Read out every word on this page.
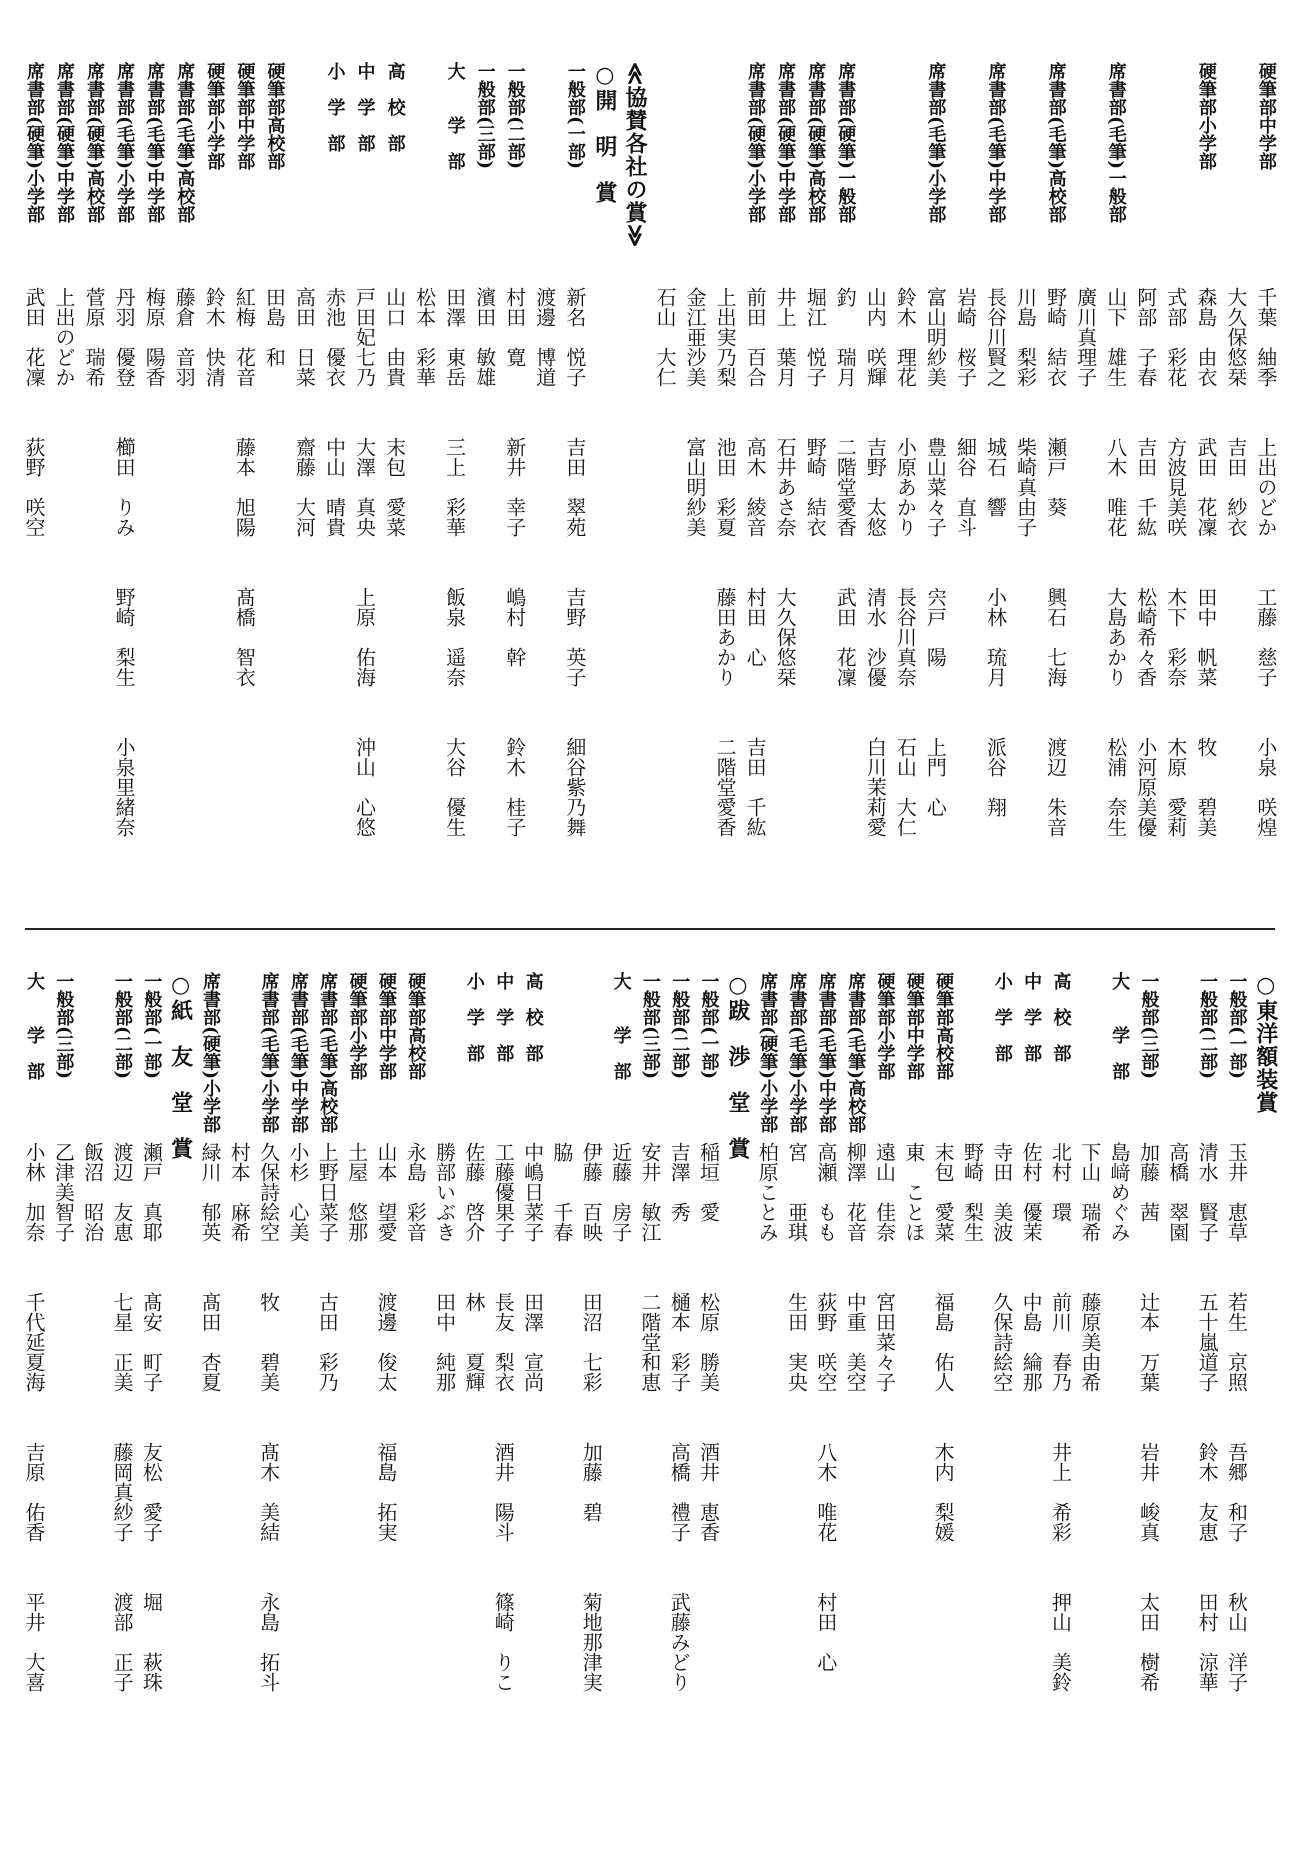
硬筆部中学部
千葉　紬季
上出のどか
工藤　慈子
小泉　咲煌
大久保悠栞
吉田　紗衣
硬筆部小学部
森島　由衣
武田　花凜
田中　帆菜
牧　　碧美
式部　彩花
方波見美咲
木下　彩奈
木原　愛莉
阿部　子春
吉田　千紘
松崎希々香
小河原美優
席書部(毛筆)一般部
山下　雄生
八木　唯花
大島あかり
松浦　奈生
廣川真理子
席書部(毛筆)高校部
野崎　結衣
瀬戸　葵
興石　七海
渡辺　朱音
川島　梨彩
柴崎真由子
席書部(毛筆)中学部
長谷川賢之
城石　響
小林　琉月
派谷　翔
岩崎　桜子
細谷　直斗
席書部(毛筆)小学部
富山明紗美
豊山菜々子
宍戸　陽
上門　心
鈴木　理花
小原あかり
長谷川真奈
石山　大仁
山内　咲輝
吉野　太悠
清水　沙優
白川茉莉愛
席書部(硬筆)一般部
釣　　瑞月
二階堂愛香
武田　花凜
席書部(硬筆)高校部
堀江　悦子
野崎　結衣
席書部(硬筆)中学部
井上　葉月
石井あさ奈
大久保悠栞
席書部(硬筆)小学部
前田　百合
高木　綾音
村田　心
吉田　千紘
上出実乃梨
池田　彩夏
藤田あかり
二階堂愛香
金江亜沙美
富山明紗美
石山　大仁
≪協賛各社の賞≫
○開　明　賞
一般部(一部)
新名　悦子
吉田　翠苑
吉野　英子
細谷紫乃舞
渡邊　博道
一般部(二部)
村田　寛
新井　幸子
嶋村　幹
鈴木　桂子
一般部(三部)
濱田　敏雄
大　　学　部
田澤　東岳
三上　彩華
飯泉　遥奈
大谷　優生
松本　彩華
高　校　部
山口　由貴
末包　愛菜
中　学　部
戸田妃七乃
大澤　真央
上原　佑海
沖山　心悠
小　学　部
赤池　優衣
中山　晴貴
高田　日菜
齋藤　大河
硬筆部高校部
田島　和
硬筆部中学部
紅梅　花音
藤本　旭陽
髙橋　智衣
硬筆部小学部
鈴木　快清
席書部(毛筆)高校部
藤倉　音羽
席書部(毛筆)中学部
梅原　陽香
席書部(毛筆)小学部
丹羽　優登
櫛田　りみ
野崎　梨生
小泉里緒奈
席書部(硬筆)高校部
菅原　瑞希
席書部(硬筆)中学部
上出のどか
席書部(硬筆)小学部
武田　花凜
荻野　咲空
○東洋額装賞
一般部(一部)
玉井　恵草
若生　京照
吾郷　和子
秋山　洋子
一般部(二部)
清水　賢子
五十嵐道子
鈴木　友恵
田村　涼華
高橋　翠園
一般部(三部)
加藤　茜
辻本　万葉
岩井　峻真
太田　樹希
大　　学　部
島﨑めぐみ
下山　瑞希
藤原美由希
高　校　部
北村　環
前川　春乃
井上　希彩
押山　美鈴
中　学　部
佐村　優茉
中島　綸那
小　学　部
寺田　美波
久保詩絵空
野崎　梨生
硬筆部高校部
末包　愛菜
福島　佑人
木内　梨媛
硬筆部中学部
東　ことほ
硬筆部小学部
遠山　佳奈
宮田菜々子
席書部(毛筆)高校部
柳澤　花音
中重　美空
席書部(毛筆)中学部
高瀬　もも
荻野　咲空
八木　唯花
村田　心
席書部(毛筆)小学部
宮　　亜琪
生田　実央
席書部(硬筆)小学部
柏原ことみ
○跋　渉　堂　賞
一般部(一部)
稲垣　愛
松原　勝美
酒井　恵香
一般部(二部)
吉澤　秀
樋本　彩子
高橋　禮子
武藤みどり
一般部(三部)
安井　敏江
二階堂和恵
大　　学　部
近藤　房子
伊藤　百映
田沼　七彩
加藤　碧
菊地那津実
脇　　千春
高　校　部
中嶋日菜子
田澤　宣尚
中　学　部
工藤優果子
長友　梨衣
酒井　陽斗
篠崎　りこ
小　学　部
佐藤　啓介
林　　夏輝
勝部いぶき
田中　純那
硬筆部高校部
永島　彩音
硬筆部中学部
山本　望愛
渡邊　俊太
福島　拓実
硬筆部小学部
土屋　悠那
席書部(毛筆)高校部
上野日菜子
古田　彩乃
席書部(毛筆)中学部
小杉　心美
席書部(毛筆)小学部
久保詩絵空
牧　　碧美
髙木　美結
永島　拓斗
村本　麻希
席書部(硬筆)小学部
緑川　郁英
髙田　杏夏
○紙　友　堂　賞
一般部(一部)
瀬戸　真耶
髙安　町子
友松　愛子
堀　　萩珠
一般部(二部)
渡辺　友恵
七星　正美
藤岡真紗子
渡部　正子
飯沼　昭治
一般部(三部)
乙津美智子
大　　学　部
小林　加奈
千代延夏海
吉原　佑香
平井　大喜
